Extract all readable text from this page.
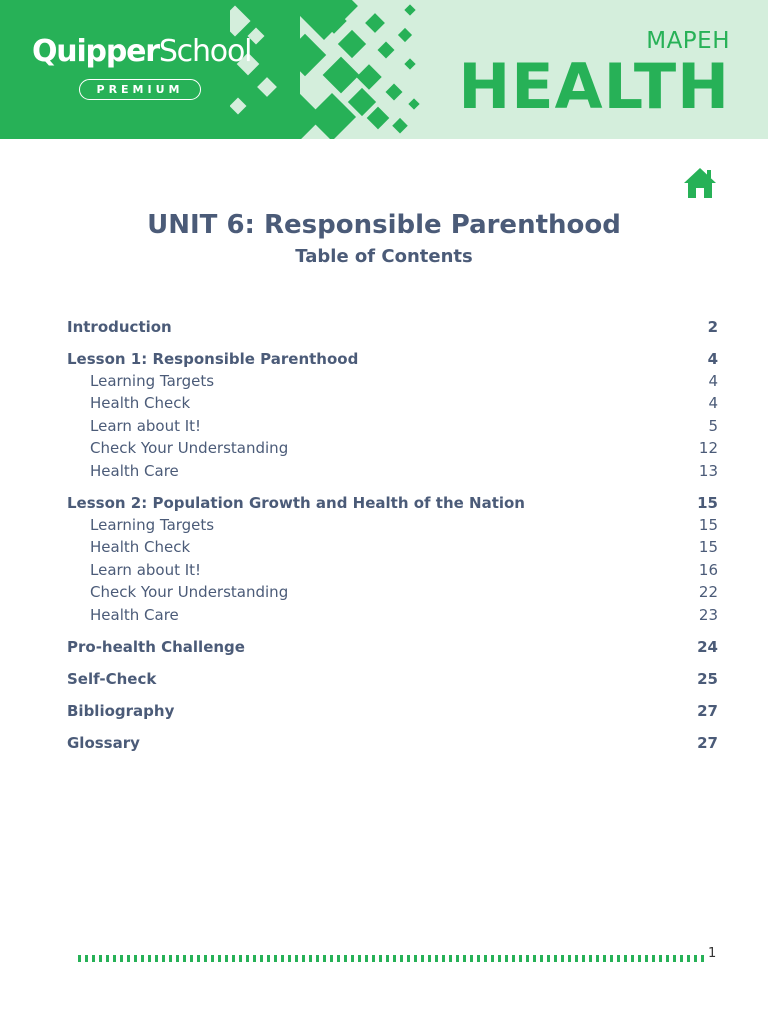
QuipperSchool
PREMIUM
MAPEH
HEALTH
UNIT 6: Responsible Parenthood
Table of Contents
Introduction	2
Lesson 1: Responsible Parenthood	4
Learning Targets	4
Health Check	4
Learn about It!	5
Check Your Understanding	12
Health Care	13
Lesson 2: Population Growth and Health of the Nation	15
Learning Targets	15
Health Check	15
Learn about It!	16
Check Your Understanding	22
Health Care	23
Pro-health Challenge	24
Self-Check	25
Bibliography	27
Glossary	27
1
